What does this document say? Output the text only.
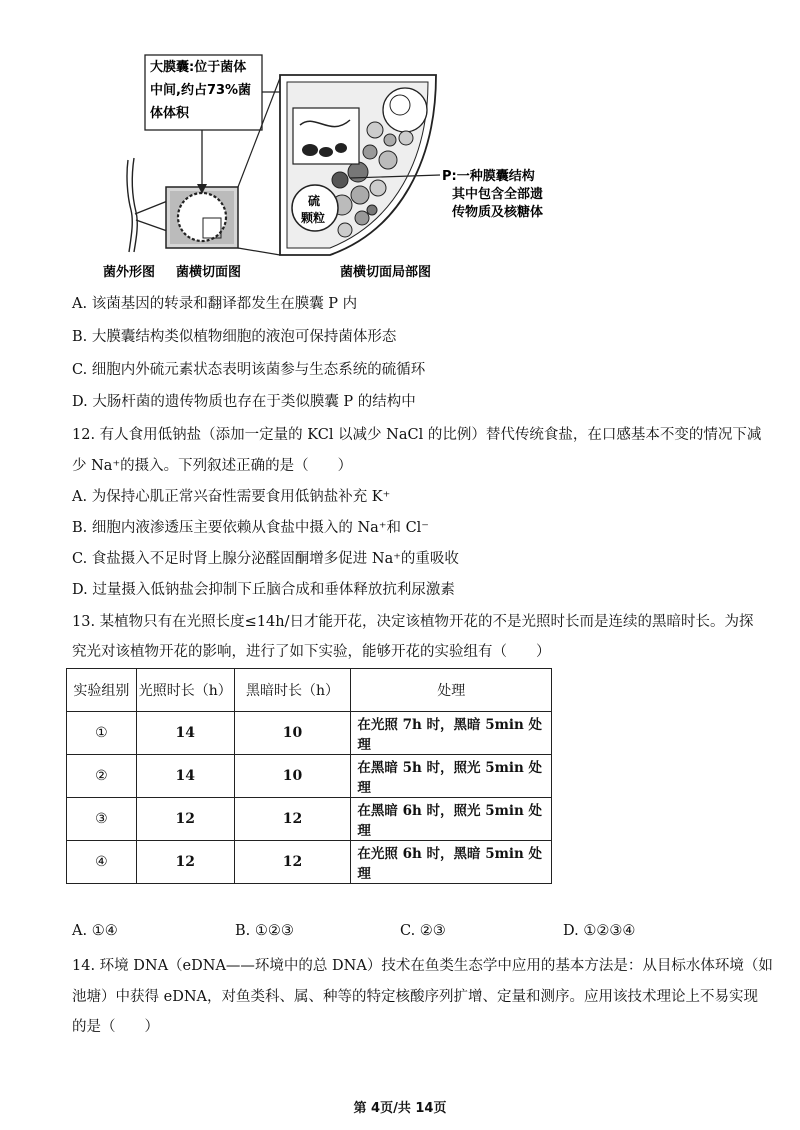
大膜囊:位于菌体
中间,约占73%菌
体体积
硫
颗粒
P:一种膜囊结构
其中包含全部遗
传物质及核糖体
菌外形图 菌横切面图	菌横切面局部图
A. 该菌基因的转录和翻译都发生在膜囊 P 内
B. 大膜囊结构类似植物细胞的液泡可保持菌体形态
C. 细胞内外硫元素状态表明该菌参与生态系统的硫循环
D. 大肠杆菌的遗传物质也存在于类似膜囊 P 的结构中
12. 有人食用低钠盐（添加一定量的 KCl 以减少 NaCl 的比例）替代传统食盐，在口感基本不变的情况下减
少 Na⁺的摄入。下列叙述正确的是（　　）
A. 为保持心肌正常兴奋性需要食用低钠盐补充 K⁺
B. 细胞内液渗透压主要依赖从食盐中摄入的 Na⁺和 Cl⁻
C. 食盐摄入不足时肾上腺分泌醛固酮增多促进 Na⁺的重吸收
D. 过量摄入低钠盐会抑制下丘脑合成和垂体释放抗利尿激素
13. 某植物只有在光照长度≤14h/日才能开花，决定该植物开花的不是光照时长而是连续的黑暗时长。为探
究光对该植物开花的影响，进行了如下实验，能够开花的实验组有（　　）
实验组别	光照时长（h）	黑暗时长（h）	处理
①	14	10	在光照 7h 时，黑暗 5min 处理
②	14	10	在黑暗 5h 时，照光 5min 处理
③	12	12	在黑暗 6h 时，照光 5min 处理
④	12	12	在光照 6h 时，黑暗 5min 处理
A. ①④	B. ①②③	C. ②③	D. ①②③④
14. 环境 DNA（eDNA——环境中的总 DNA）技术在鱼类生态学中应用的基本方法是：从目标水体环境（如
池塘）中获得 eDNA，对鱼类科、属、种等的特定核酸序列扩增、定量和测序。应用该技术理论上不易实现
的是（　　）
第 4页/共 14页
